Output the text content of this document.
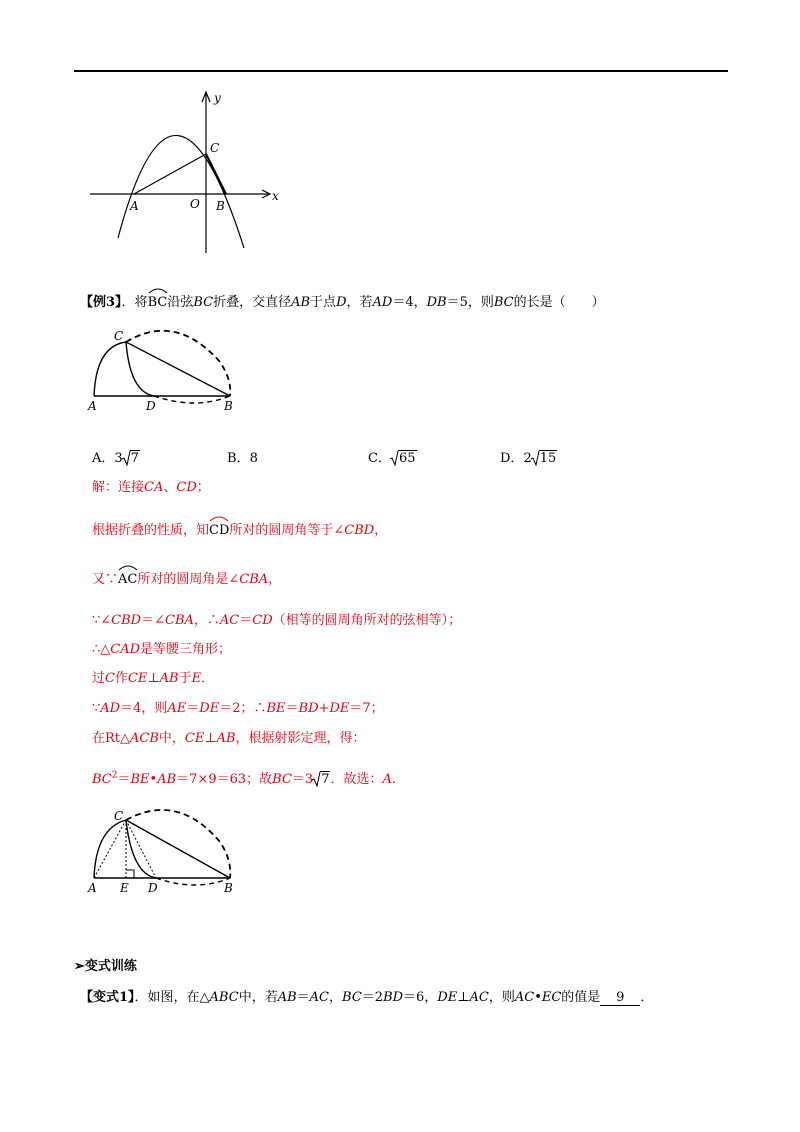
y
x
C
A	O B
【例3】．将
BC沿弦BC折叠，交直径AB于点D，若AD＝4，DB＝5，则BC的长是（　　）
C
A	D	B
A．3 7	B．8	C． 65	D．2 15
解：连接CA、CD；
根据折叠的性质，知
CD所对的圆周角等于∠CBD，
又∵
AC所对的圆周角是∠CBA，
∵∠CBD＝∠CBA，∴AC＝CD（相等的圆周角所对的弦相等）；
∴△CAD是等腰三角形；
过C作CE⊥AB于E．
∵AD＝4，则AE＝DE＝2；∴BE＝BD+DE＝7；
在Rt△ACB中，CE⊥AB，根据射影定理，得：
$BC^2=BE•AB=7\times 9=63$；故BC＝3 7．故选：A．
C
A E D	B
➢变式训练
【变式1】．如图，在△ABC中，若AB＝AC，BC＝2BD＝6，DE⊥AC，则AC•EC的值是 9 ．
